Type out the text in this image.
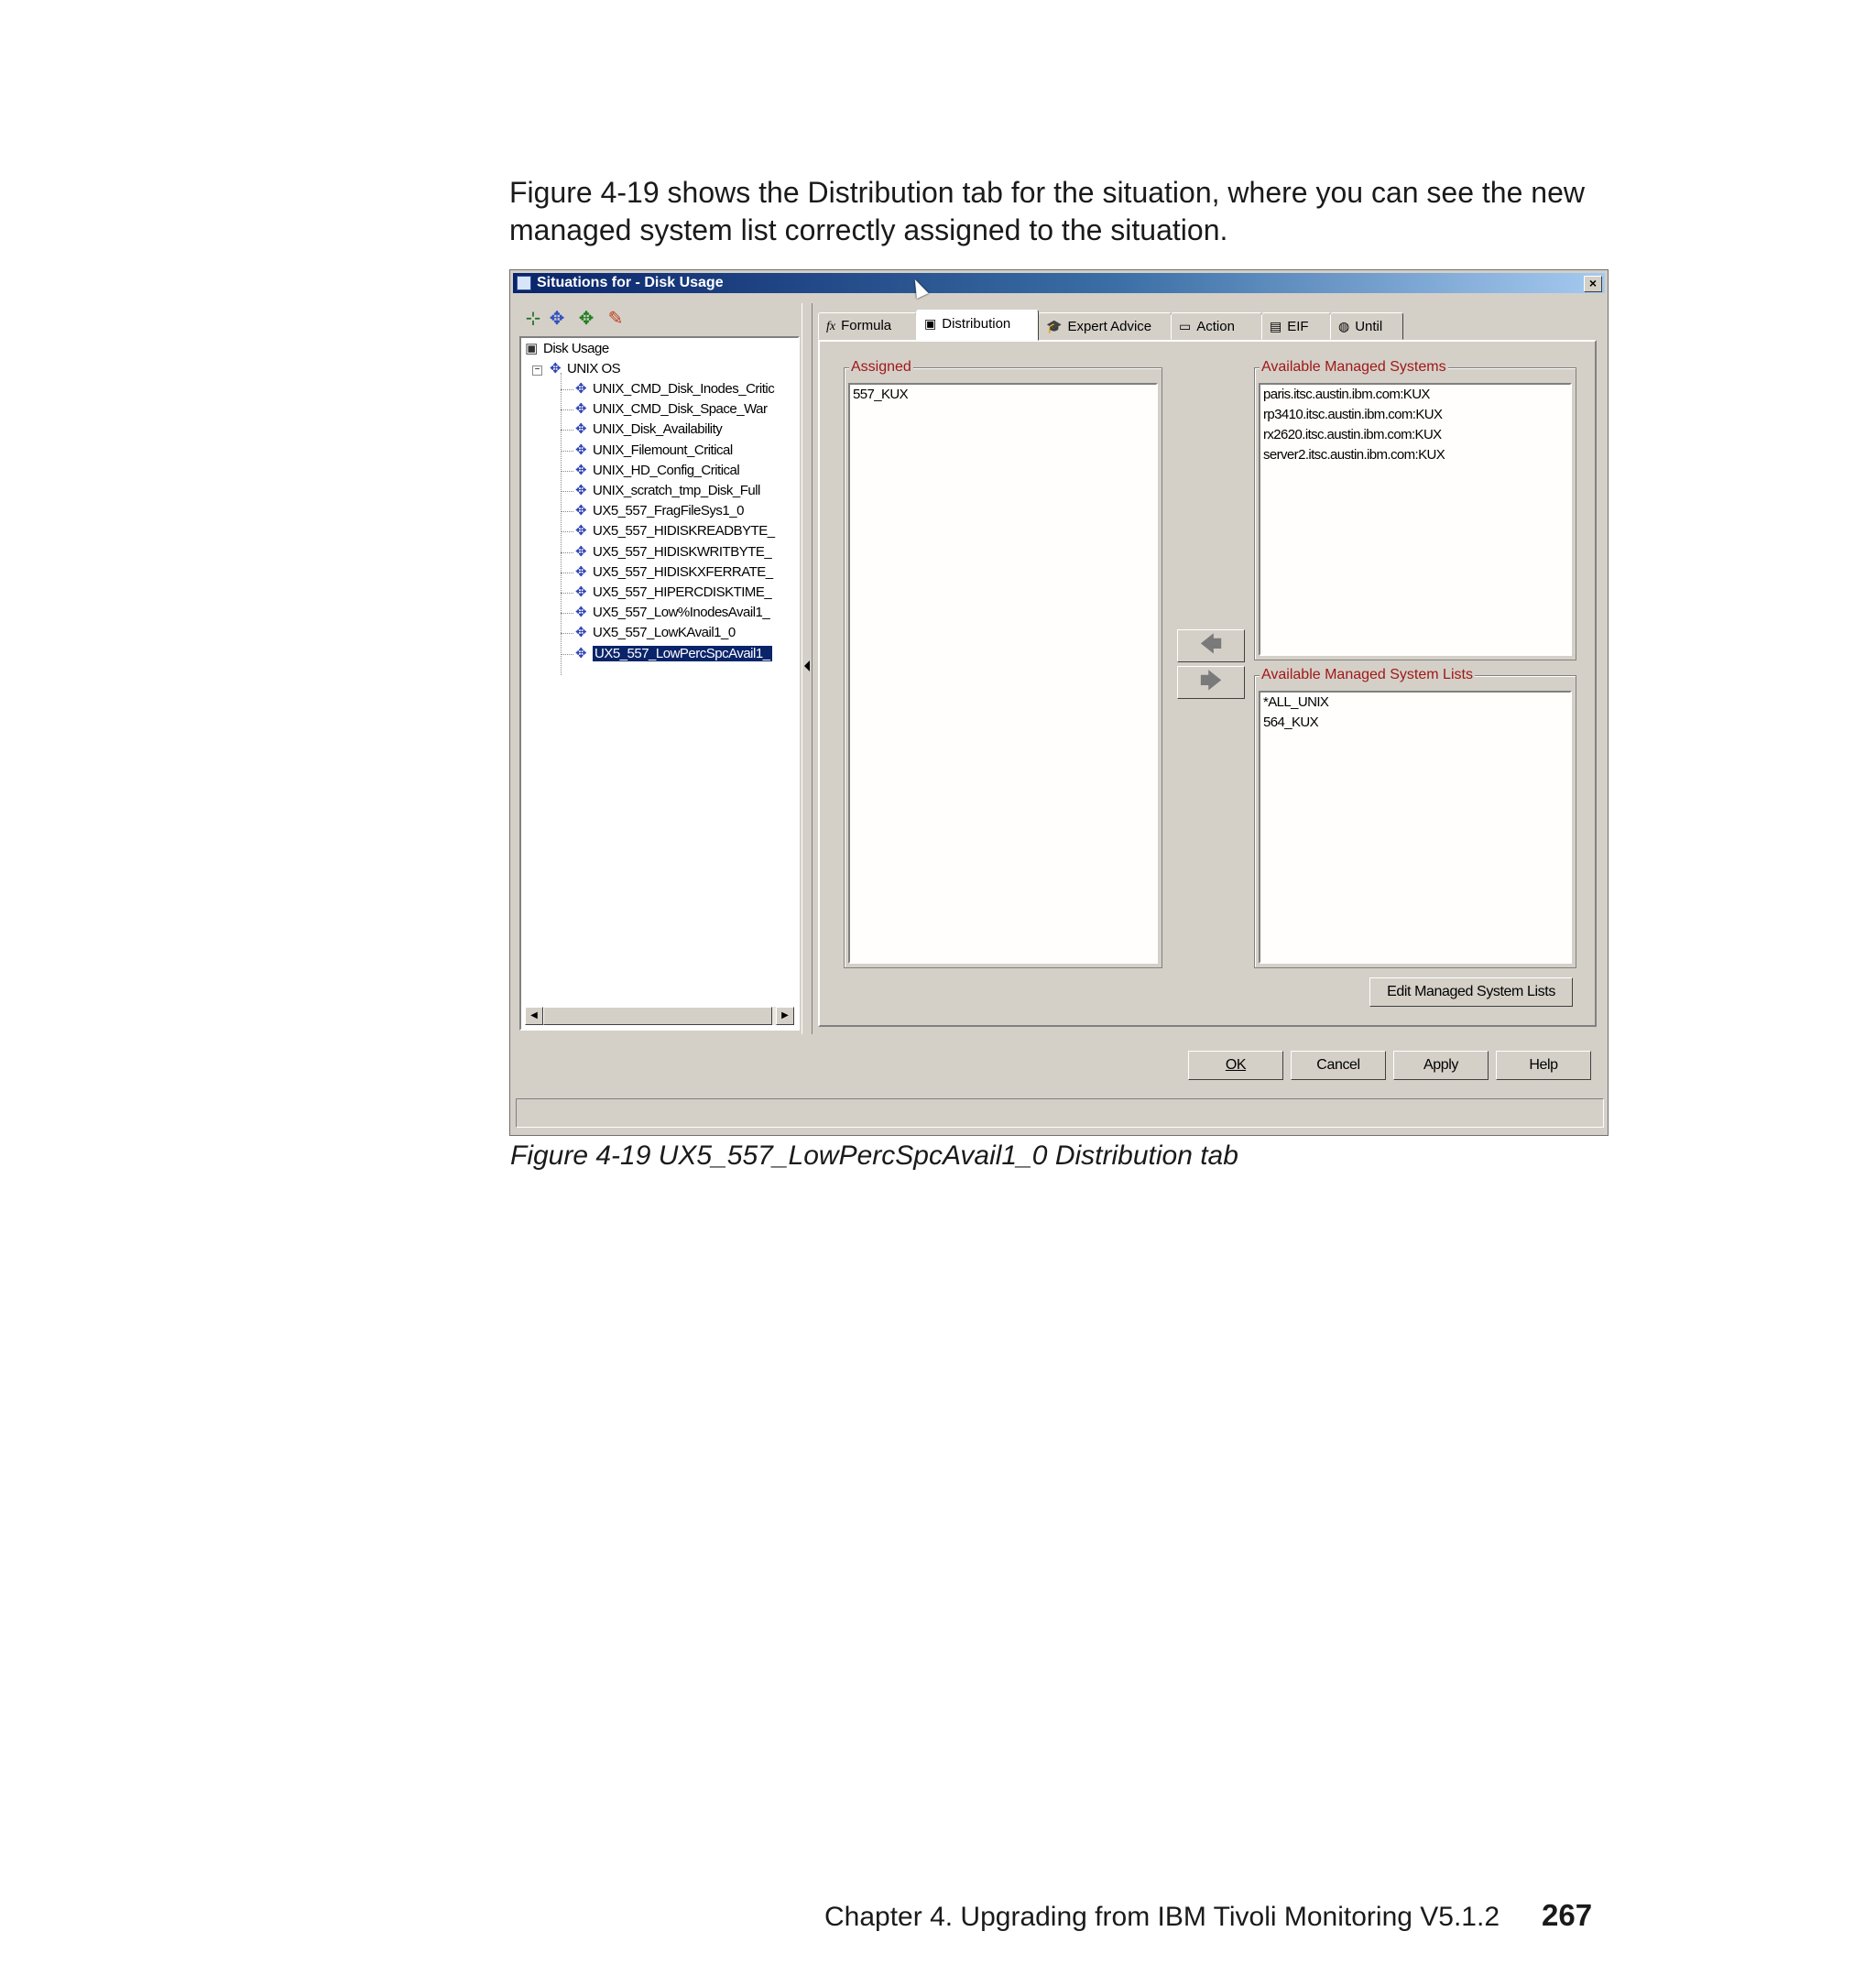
Figure 4-19 shows the Distribution tab for the situation, where you can see the new managed system list correctly assigned to the situation.

Situations for - Disk Usage	×
⊹ ✥ ✥ ✎
▣ Disk Usage
− ✥ UNIX OS
✥ UNIX_CMD_Disk_Inodes_Critic
✥ UNIX_CMD_Disk_Space_War
✥ UNIX_Disk_Availability
✥ UNIX_Filemount_Critical
✥ UNIX_HD_Config_Critical
✥ UNIX_scratch_tmp_Disk_Full
✥ UX5_557_FragFileSys1_0
✥ UX5_557_HIDISKREADBYTE_
✥ UX5_557_HIDISKWRITBYTE_
✥ UX5_557_HIDISKXFERRATE_
✥ UX5_557_HIPERCDISKTIME_
✥ UX5_557_Low%InodesAvail1_
✥ UX5_557_LowKAvail1_0
✥ UX5_557_LowPercSpcAvail1_
◀	▶
fx Formula	▣ Distribution	🎓 Expert Advice	▭ Action	▤ EIF	◍ Until
Assigned
557_KUX
🡄
🡆
Available Managed Systems
paris.itsc.austin.ibm.com:KUX
rp3410.itsc.austin.ibm.com:KUX
rx2620.itsc.austin.ibm.com:KUX
server2.itsc.austin.ibm.com:KUX
Available Managed System Lists
*ALL_UNIX
564_KUX
Edit Managed System Lists
OK	Cancel	Apply	Help
Figure 4-19 UX5_557_LowPercSpcAvail1_0 Distribution tab
Chapter 4. Upgrading from IBM Tivoli Monitoring V5.1.2 267
